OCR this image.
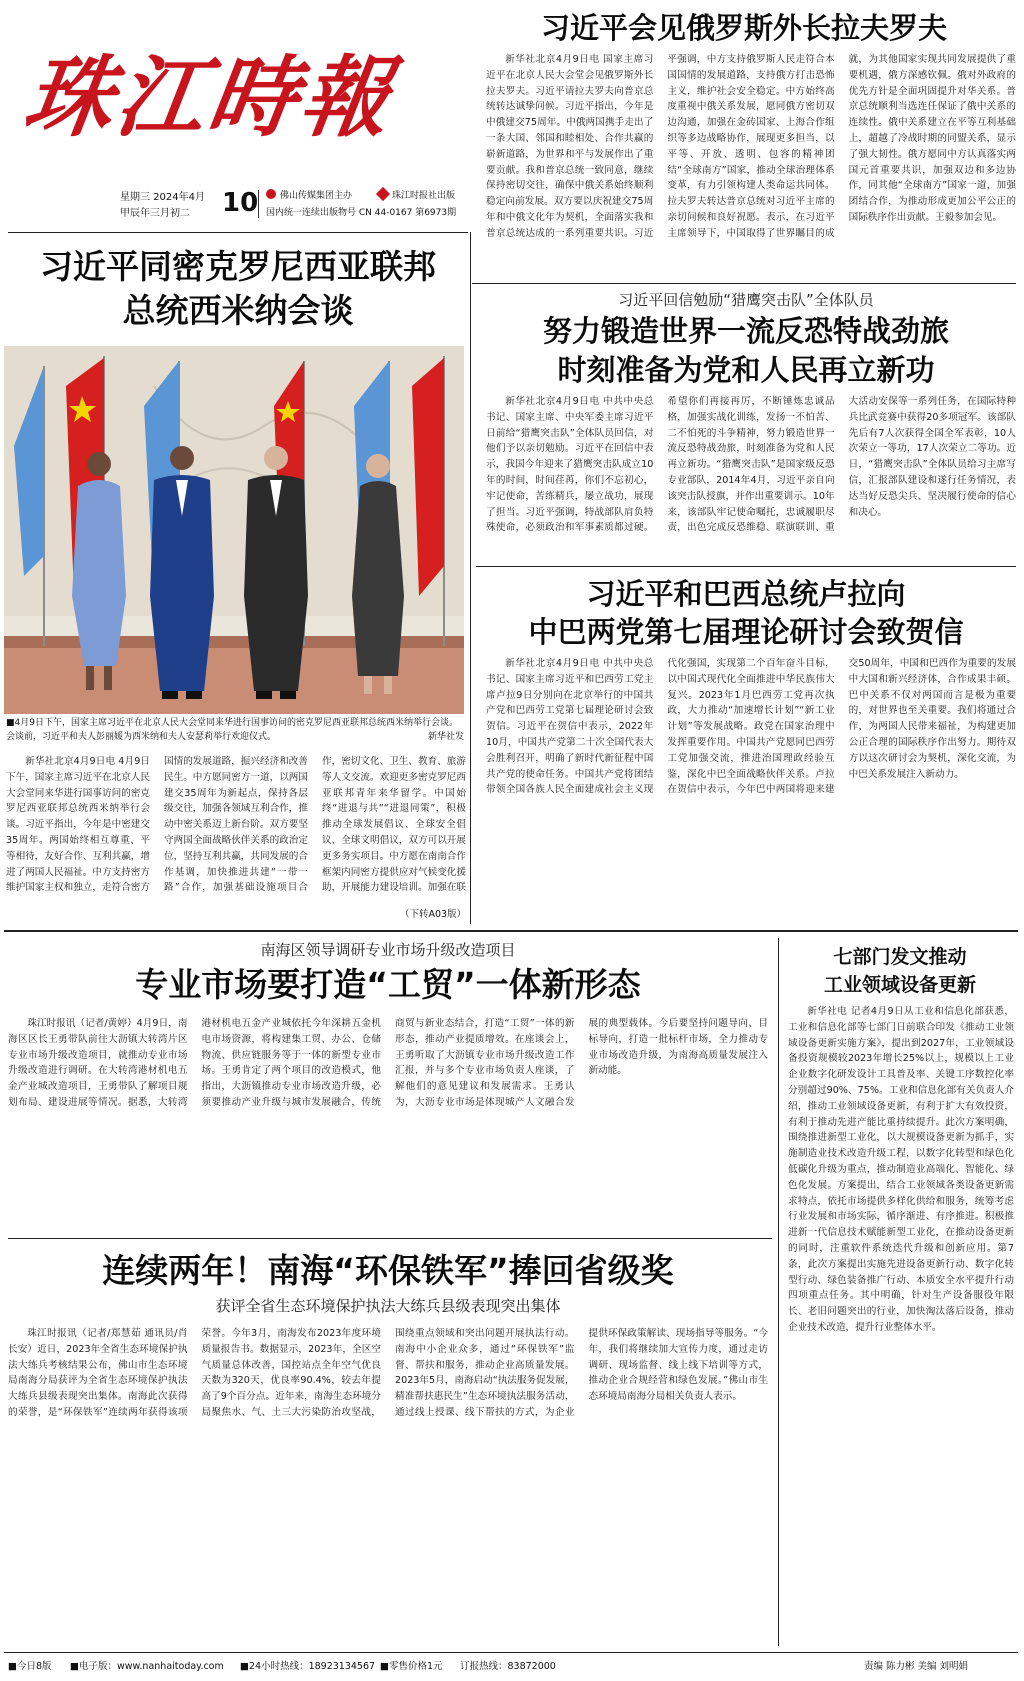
珠江時報
星期三 2024年4月
甲辰年三月初二 10 佛山传媒集团主办	珠江时报社出版
国内统一连续出版物号 CN 44-0167 第6973期
习近平会见俄罗斯外长拉夫罗夫

新华社北京4月9日电 国家主席习近平在北京人民大会堂会见俄罗斯外长拉夫罗夫。习近平请拉夫罗夫向普京总统转达诚挚问候。习近平指出，今年是中俄建交75周年。中俄两国携手走出了一条大国、邻国和睦相处、合作共赢的崭新道路，为世界和平与发展作出了重要贡献。我和普京总统一致同意，继续保持密切交往，确保中俄关系始终顺利稳定向前发展。双方要以庆祝建交75周年和中俄文化年为契机，全面落实我和普京总统达成的一系列重要共识。习近平强调，中方支持俄罗斯人民走符合本国国情的发展道路，支持俄方打击恐怖主义，维护社会安全稳定。中方始终高度重视中俄关系发展，愿同俄方密切双边沟通，加强在金砖国家、上海合作组织等多边战略协作，展现更多担当，以平等、开放、透明、包容的精神团结“全球南方”国家，推动全球治理体系变革，有力引领构建人类命运共同体。拉夫罗夫转达普京总统对习近平主席的亲切问候和良好祝愿。表示，在习近平主席领导下，中国取得了世界瞩目的成就，为其他国家实现共同发展提供了重要机遇，俄方深感钦佩。俄对外政府的优先方针是全面巩固提升对华关系。普京总统顺利当选连任保证了俄中关系的连续性。俄中关系建立在平等互利基础上，超越了冷战时期的同盟关系，显示了强大韧性。俄方愿同中方认真落实两国元首重要共识，加强双边和多边协作，同其他“全球南方”国家一道，加强团结合作，为推动形成更加公平公正的国际秩序作出贡献。王毅参加会见。

习近平同密克罗尼西亚联邦
总统西米纳会谈
■4月9日下午，国家主席习近平在北京人民大会堂同来华进行国事访问的密克罗尼西亚联邦总统西米纳举行会谈。会谈前，习近平和夫人彭丽媛为西米纳和夫人安瑟莉举行欢迎仪式。	新华社发

新华社北京4月9日电 4月9日下午，国家主席习近平在北京人民大会堂同来华进行国事访问的密克罗尼西亚联邦总统西米纳举行会谈。习近平指出，今年是中密建交35周年。两国始终相互尊重、平等相待，友好合作、互利共赢，增进了两国人民福祉。中方支持密方维护国家主权和独立，走符合密方国情的发展道路，振兴经济和改善民生。中方愿同密方一道，以两国建交35周年为新起点，保持各层级交往，加强各领域互利合作，推动中密关系迈上新台阶。双方要坚守两国全面战略伙伴关系的政治定位，坚持互利共赢，共同发展的合作基调，加快推进共建“一带一路”合作，加强基础设施项目合作，密切文化、卫生、教育、旅游等人文交流。欢迎更多密克罗尼西亚联邦青年来华留学。中国始终“进退与共”“进退同策”，积极推动全球发展倡议、全球安全倡议、全球文明倡议，双方可以开展更多务实项目。中方愿在南南合作框架内同密方提供应对气候变化援助，开展能力建设培训。加强在联

（下转A03版）
习近平回信勉励“猎鹰突击队”全体队员
努力锻造世界一流反恐特战劲旅
时刻准备为党和人民再立新功

新华社北京4月9日电 中共中央总书记、国家主席、中央军委主席习近平日前给“猎鹰突击队”全体队员回信，对他们予以亲切勉励。习近平在回信中表示，我国今年迎来了猎鹰突击队成立10年的时间，时间荏苒，你们不忘初心，牢记使命，苦练精兵，屡立战功，展现了担当。习近平强调，特战部队肩负特殊使命，必须政治和军事素质都过硬。希望你们再接再厉，不断锤炼忠诚品格，加强实战化训练，发扬一不怕苦、二不怕死的斗争精神，努力锻造世界一流反恐特战劲旅，时刻准备为党和人民再立新功。“猎鹰突击队”是国家级反恐专业部队，2014年4月，习近平亲自向该突击队授旗，并作出重要训示。10年来，该部队牢记使命嘱托，忠诚履职尽责，出色完成反恐维稳、联演联训、重大活动安保等一系列任务，在国际特种兵比武竞赛中获得20多项冠军。该部队先后有7人次获得全国全军表彰，10人次荣立一等功，17人次荣立二等功。近日，“猎鹰突击队”全体队员给习主席写信，汇报部队建设和遂行任务情况，表达当好反恐尖兵、坚决履行使命的信心和决心。

习近平和巴西总统卢拉向
中巴两党第七届理论研讨会致贺信

新华社北京4月9日电 中共中央总书记、国家主席习近平和巴西劳工党主席卢拉9日分别向在北京举行的中国共产党和巴西劳工党第七届理论研讨会致贺信。习近平在贺信中表示，2022年10月，中国共产党第二十次全国代表大会胜利召开，明确了新时代新征程中国共产党的使命任务。中国共产党将团结带领全国各族人民全面建成社会主义现代化强国，实现第二个百年奋斗目标，以中国式现代化全面推进中华民族伟大复兴。2023年1月巴西劳工党再次执政，大力推动“加速增长计划”“新工业计划”等发展战略。政党在国家治理中发挥重要作用。中国共产党愿同巴西劳工党加强交流，推进治国理政经验互鉴，深化中巴全面战略伙伴关系。卢拉在贺信中表示，今年巴中两国将迎来建交50周年，中国和巴西作为重要的发展中大国和新兴经济体，合作成果丰硕。巴中关系不仅对两国而言是极为重要的，对世界也至关重要。我们将通过合作，为两国人民带来福祉，为构建更加公正合理的国际秩序作出努力。期待双方以这次研讨会为契机，深化交流，为中巴关系发展注入新动力。

南海区领导调研专业市场升级改造项目
专业市场要打造“工贸”一体新形态

珠江时报讯（记者/黄婷）4月9日，南海区区长王勇带队前往大沥镇大转湾片区专业市场升级改造项目，就推动专业市场升级改造进行调研。在大转湾港材机电五金产业城改造项目，王勇带队了解项目规划布局、建设进展等情况。据悉，大转湾港材机电五金产业城依托今年深耕五金机电市场资源，将构建集工贸、办公、仓储物流、供应链服务等于一体的新型专业市场。王勇肯定了两个项目的改造模式，他指出，大沥镇推动专业市场改造升级，必须要推动产业升级与城市发展融合，传统商贸与新业态结合，打造“工贸”一体的新形态，推动产业提质增效。在座谈会上，王勇听取了大沥镇专业市场升级改造工作汇报，并与多个专业市场负责人座谈，了解他们的意见建议和发展需求。王勇认为，大沥专业市场是体现城产人文融合发展的典型载体。今后要坚持问题导向、目标导向，打造一批标杆市场，全力推动专业市场改造升级，为南海高质量发展注入新动能。

连续两年！南海“环保铁军”捧回省级奖
获评全省生态环境保护执法大练兵县级表现突出集体

珠江时报讯（记者/郑慧茹 通讯员/肖长安）近日，2023年全省生态环境保护执法大练兵考核结果公布，佛山市生态环境局南海分局获评为全省生态环境保护执法大练兵县级表现突出集体。南海此次获得的荣誉，是“环保铁军”连续两年获得该项荣誉。今年3月，南海发布2023年度环境质量报告书。数据显示，2023年，全区空气质量总体改善，国控站点全年空气优良天数为320天，优良率90.4%，较去年提高了9个百分点。近年来，南海生态环境分局聚焦水、气、土三大污染防治攻坚战，围绕重点领域和突出问题开展执法行动。南海中小企业众多，通过“环保铁军”监督、帮扶和服务，推动企业高质量发展。2023年5月，南海启动“执法服务促发展，精准帮扶惠民生”生态环境执法服务活动，通过线上授课、线下帮扶的方式，为企业提供环保政策解读、现场指导等服务。“今年，我们将继续加大宣传力度，通过走访调研、现场监督、线上线下培训等方式，推动企业合规经营和绿色发展。”佛山市生态环境局南海分局相关负责人表示。

七部门发文推动
工业领域设备更新

新华社电 记者4月9日从工业和信息化部获悉，工业和信息化部等七部门日前联合印发《推动工业领域设备更新实施方案》，提出到2027年，工业领域设备投资规模较2023年增长25%以上，规模以上工业企业数字化研发设计工具普及率、关键工序数控化率分别超过90%、75%。工业和信息化部有关负责人介绍，推动工业领域设备更新，有利于扩大有效投资，有利于推动先进产能比重持续提升。此次方案明确，围绕推进新型工业化，以大规模设备更新为抓手，实施制造业技术改造升级工程，以数字化转型和绿色化低碳化升级为重点，推动制造业高端化、智能化、绿色化发展。方案提出，结合工业领域各类设备更新需求特点，依托市场提供多样化供给和服务，统筹考虑行业发展和市场实际，循序渐进、有序推进。积极推进新一代信息技术赋能新型工业化，在推动设备更新的同时，注重软件系统迭代升级和创新应用。第7条，此次方案提出实施先进设备更新行动、数字化转型行动、绿色装备推广行动、本质安全水平提升行动四项重点任务。其中明确，针对生产设备服役年限长、老旧问题突出的行业，加快淘汰落后设备，推动企业技术改造，提升行业整体水平。

■今日8版 ■电子版：www.nanhaitoday.com ■24小时热线：18923134567 ■零售价格1元 订报热线：83872000	责编 陈力彬 美编 刘明娟
